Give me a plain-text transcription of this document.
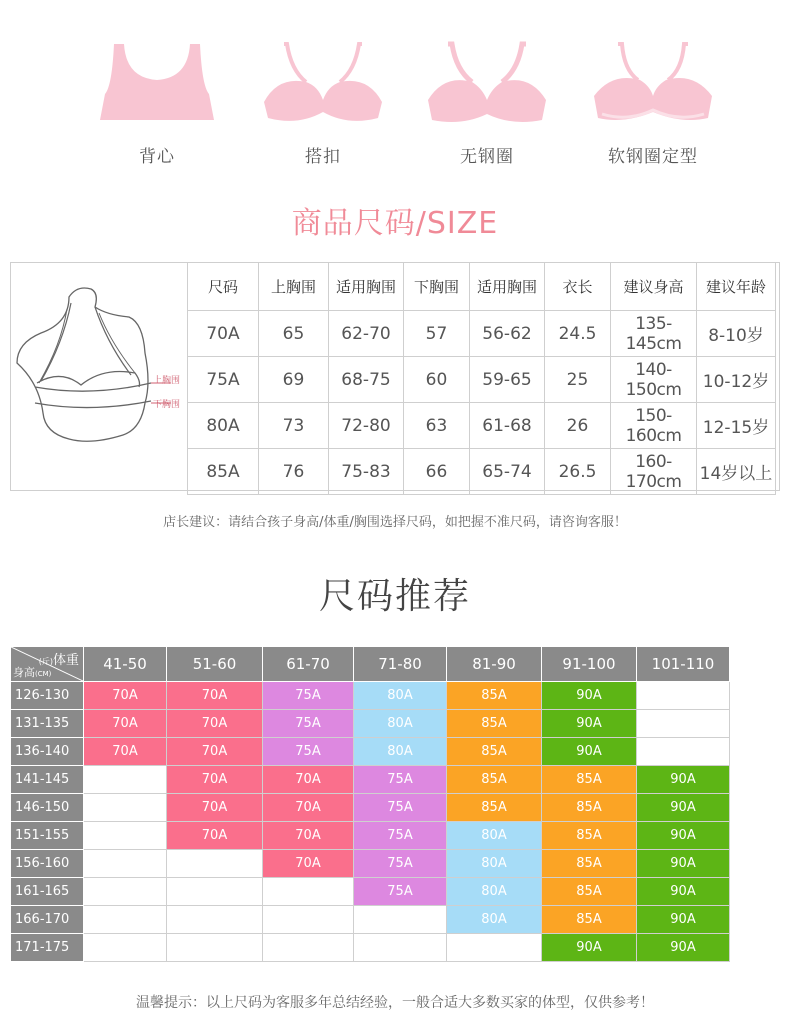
背心	搭扣	无钢圈	软钢圈定型
商品尺码/SIZE
上胸围
下胸围
尺码	上胸围	适用胸围	下胸围	适用胸围	衣长	建议身高	建议年龄
70A	65	62-70	57	56-62	24.5	135-145cm	8-10岁
75A	69	68-75	60	59-65	25	140-150cm	10-12岁
80A	73	72-80	63	61-68	26	150-160cm	12-15岁
85A	76	75-83	66	65-74	26.5	160-170cm	14岁以上
店长建议：请结合孩子身高/体重/胸围选择尺码，如把握不准尺码，请咨询客服！
尺码推荐
(斤)体重
身高(CM)	41-50	51-60	61-70	71-80	81-90	91-100	101-110
126-130	70A	70A	75A	80A	85A	90A	
131-135	70A	70A	75A	80A	85A	90A	
136-140	70A	70A	75A	80A	85A	90A	
141-145		70A	70A	75A	85A	85A	90A
146-150		70A	70A	75A	85A	85A	90A
151-155		70A	70A	75A	80A	85A	90A
156-160			70A	75A	80A	85A	90A
161-165				75A	80A	85A	90A
166-170					80A	85A	90A
171-175						90A	90A
温馨提示：以上尺码为客服多年总结经验，一般合适大多数买家的体型，仅供参考！
